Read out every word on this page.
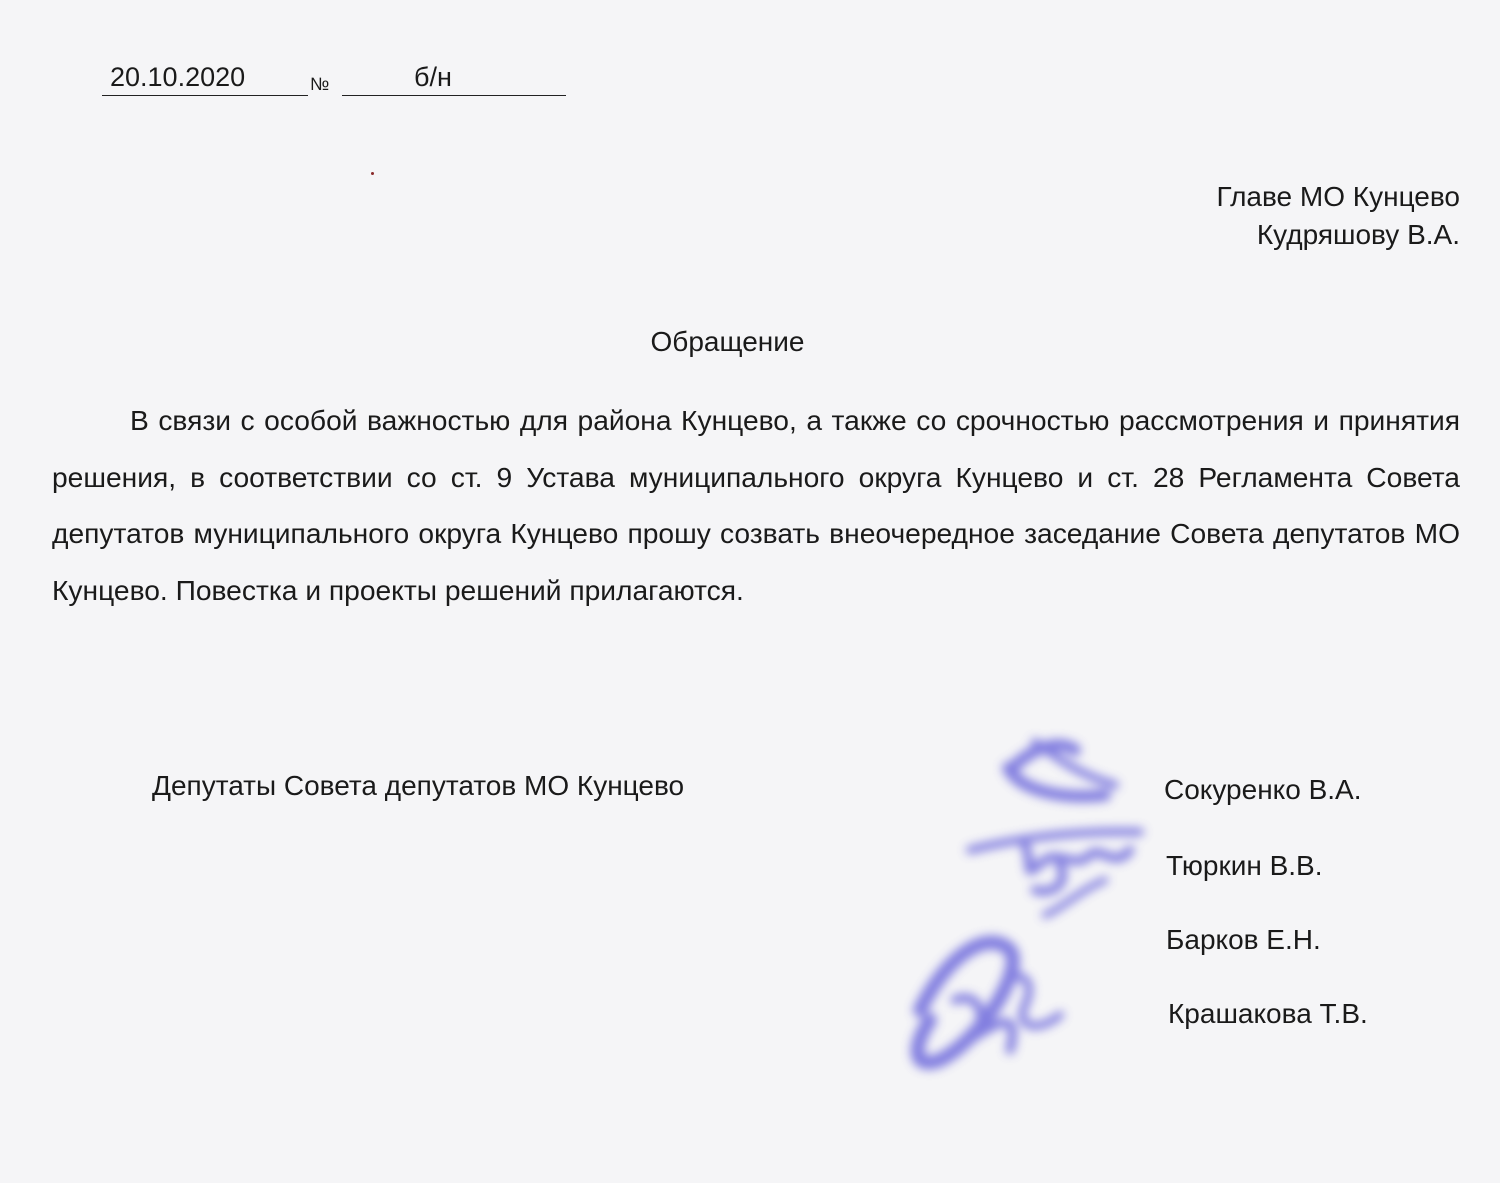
20.10.2020	№	б/н
Главе МО Кунцево
Кудряшову В.А.
Обращение

В связи с особой важностью для района Кунцево, а также со срочностью рассмотрения и принятия решения, в соответствии со ст. 9 Устава муниципального округа Кунцево и ст. 28 Регламента Совета депутатов муниципального округа Кунцево прошу созвать внеочередное заседание Совета депутатов МО Кунцево. Повестка и проекты решений прилагаются.

Депутаты Совета депутатов МО Кунцево	Сокуренко В.А.
Тюркин В.В.
Барков Е.Н.
Крашакова Т.В.
